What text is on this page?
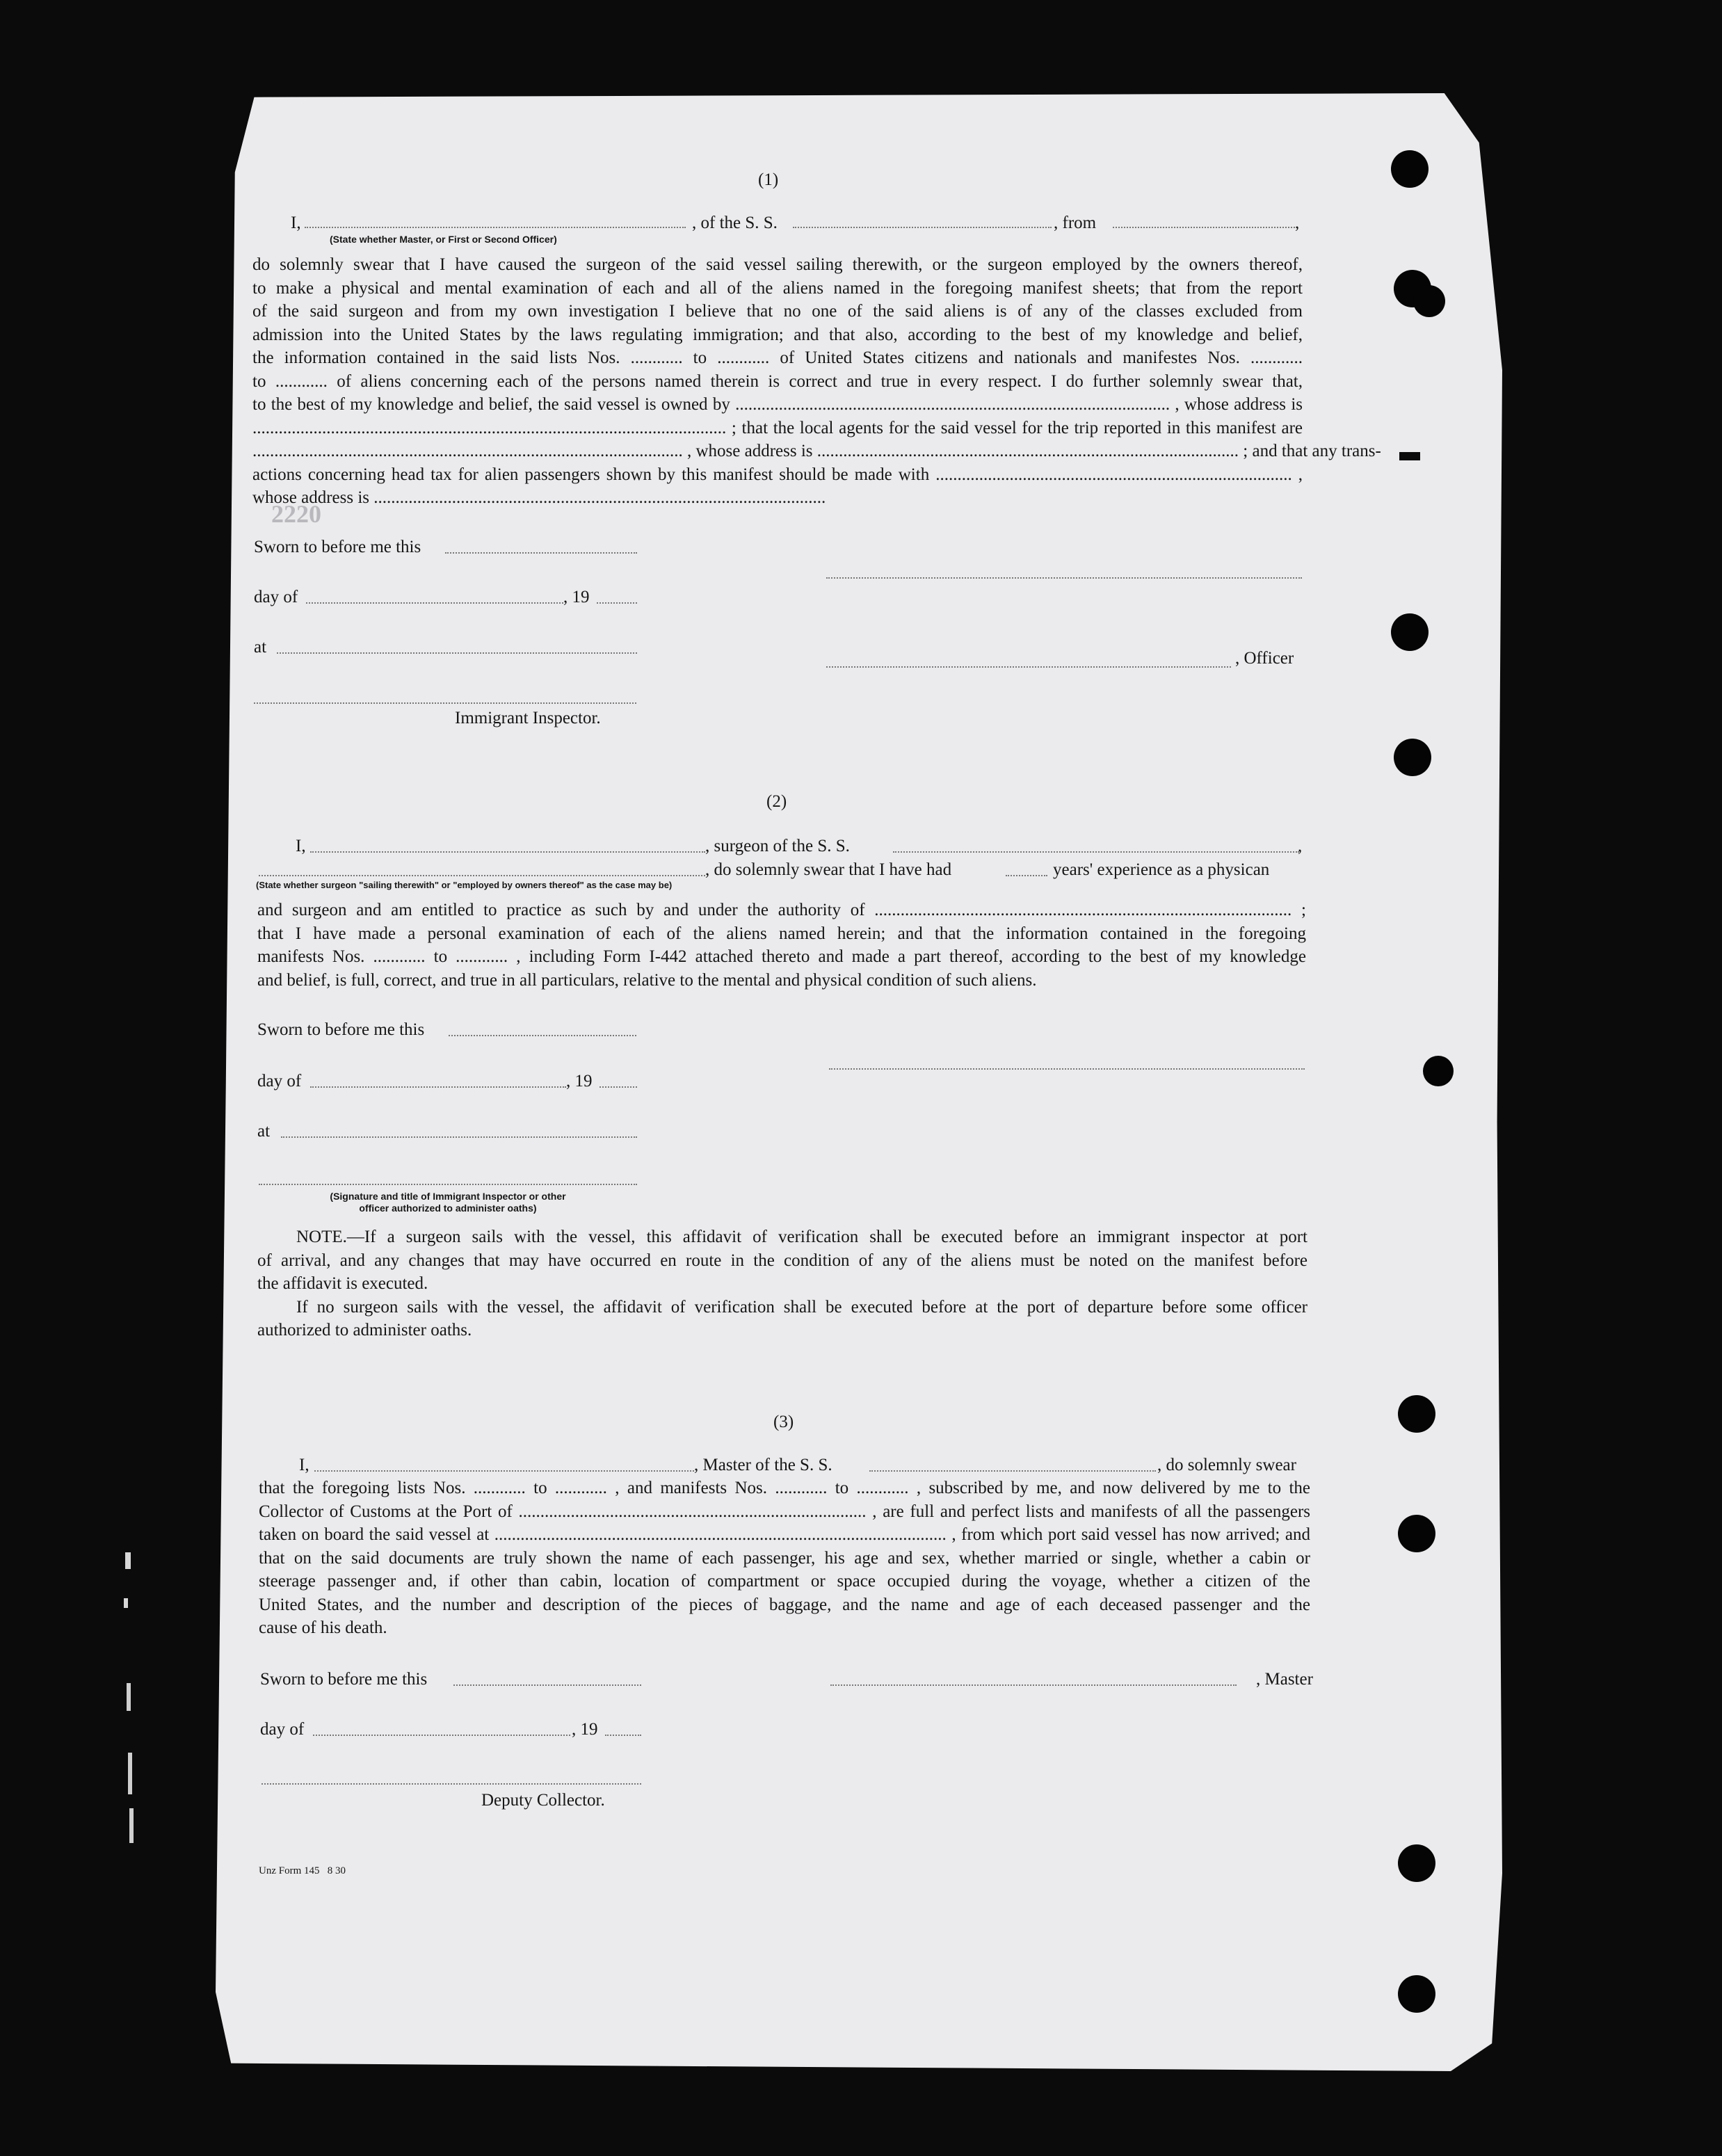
2220
(1)
I,	, of the S. S.	, from	,
(State whether Master, or First or Second Officer)
do solemnly swear that I have caused the surgeon of the said vessel sailing therewith, or the surgeon employed by the owners thereof,
to make a physical and mental examination of each and all of the aliens named in the foregoing manifest sheets; that from the report
of the said surgeon and from my own investigation I believe that no one of the said aliens is of any of the classes excluded from
admission into the United States by the laws regulating immigration; and that also, according to the best of my knowledge and belief,
the information contained in the said lists Nos. ............ to ............ of United States citizens and nationals and manifestes Nos. ............
to ............ of aliens concerning each of the persons named therein is correct and true in every respect. I do further solemnly swear that,
to the best of my knowledge and belief, the said vessel is owned by .................................................................................................... , whose address is
............................................................................................................. ; that the local agents for the said vessel for the trip reported in this manifest are
................................................................................................... , whose address is ................................................................................................. ; and that any trans-
actions concerning head tax for alien passengers shown by this manifest should be made with .................................................................................. ,
whose address is ........................................................................................................
Sworn to before me this
day of	, 19
at
, Officer
Immigrant Inspector.
(2)
I,	, surgeon of the S. S.	,
, do solemnly swear that I have had	years' experience as a physican
(State whether surgeon "sailing therewith" or "employed by owners thereof" as the case may be)
and surgeon and am entitled to practice as such by and under the authority of ................................................................................................ ;
that I have made a personal examination of each of the aliens named herein; and that the information contained in the foregoing
manifests Nos. ............ to ............ , including Form I-442 attached thereto and made a part thereof, according to the best of my knowledge
and belief, is full, correct, and true in all particulars, relative to the mental and physical condition of such aliens.
Sworn to before me this
day of	, 19
at
(Signature and title of Immigrant Inspector or other
officer authorized to administer oaths)
NOTE.—If a surgeon sails with the vessel, this affidavit of verification shall be executed before an immigrant inspector at port
of arrival, and any changes that may have occurred en route in the condition of any of the aliens must be noted on the manifest before
the affidavit is executed.
If no surgeon sails with the vessel, the affidavit of verification shall be executed before at the port of departure before some officer
authorized to administer oaths.
(3)
I,	, Master of the S. S.	, do solemnly swear
that the foregoing lists Nos. ............ to ............ , and manifests Nos. ............ to ............ , subscribed by me, and now delivered by me to the
Collector of Customs at the Port of ................................................................................ , are full and perfect lists and manifests of all the passengers
taken on board the said vessel at ........................................................................................................ , from which port said vessel has now arrived; and
that on the said documents are truly shown the name of each passenger, his age and sex, whether married or single, whether a cabin or
steerage passenger and, if other than cabin, location of compartment or space occupied during the voyage, whether a citizen of the
United States, and the number and description of the pieces of baggage, and the name and age of each deceased passenger and the
cause of his death.
Sworn to before me this	, Master
day of	, 19
Deputy Collector.
Unz Form 145   8 30
